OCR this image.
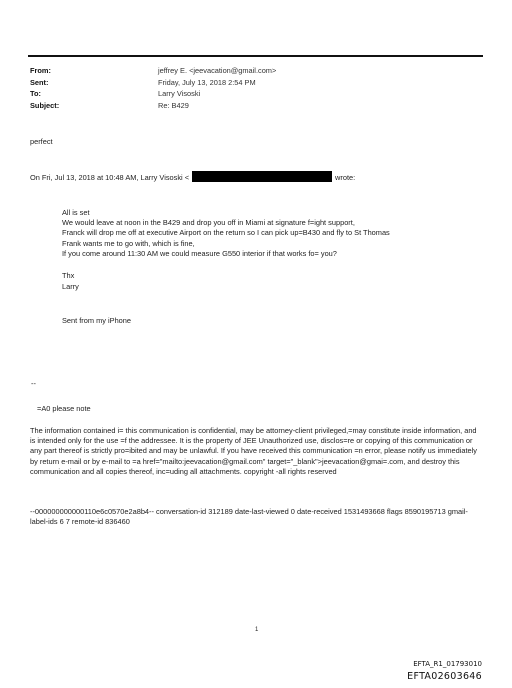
From:	jeffrey E. <jeevacation@gmail.com>
Sent:	Friday, July 13, 2018 2:54 PM
To:	Larry Visoski
Subject:	Re: B429
perfect
On Fri, Jul 13, 2018 at 10:48 AM, Larry Visoski <	wrote:
All is set
We would leave at noon in the B429 and drop you off in Miami at signature f=ight support,
Franck will drop me off at executive Airport on the return so I can pick up=B430 and fly to St Thomas
Frank wants me to go with, which is fine,
If you come around 11:30 AM we could measure G550 interior if that works fo= you?
Thx
Larry
Sent from my iPhone
--
=A0 please note
The information contained i= this communication is confidential, may be attorney-client privileged,=may constitute inside information, and is intended only for the use =f the addressee. It is the property of JEE Unauthorized use, disclos=re or copying of this communication or any part thereof is strictly pro=ibited and may be unlawful. If you have received this communication =n error, please notify us immediately by return e-mail or by e-mail to =a href="mailto:jeevacation@gmail.com" target="_blank">jeevacation@gmai=.com, and destroy this communication and all copies thereof, inc=uding all attachments. copyright -all rights reserved
--000000000000110e6c0570e2a8b4-- conversation-id 312189 date-last-viewed 0 date-received 1531493668 flags 8590195713 gmail-label-ids 6 7 remote-id 836460
1
EFTA_R1_01793010
EFTA02603646
